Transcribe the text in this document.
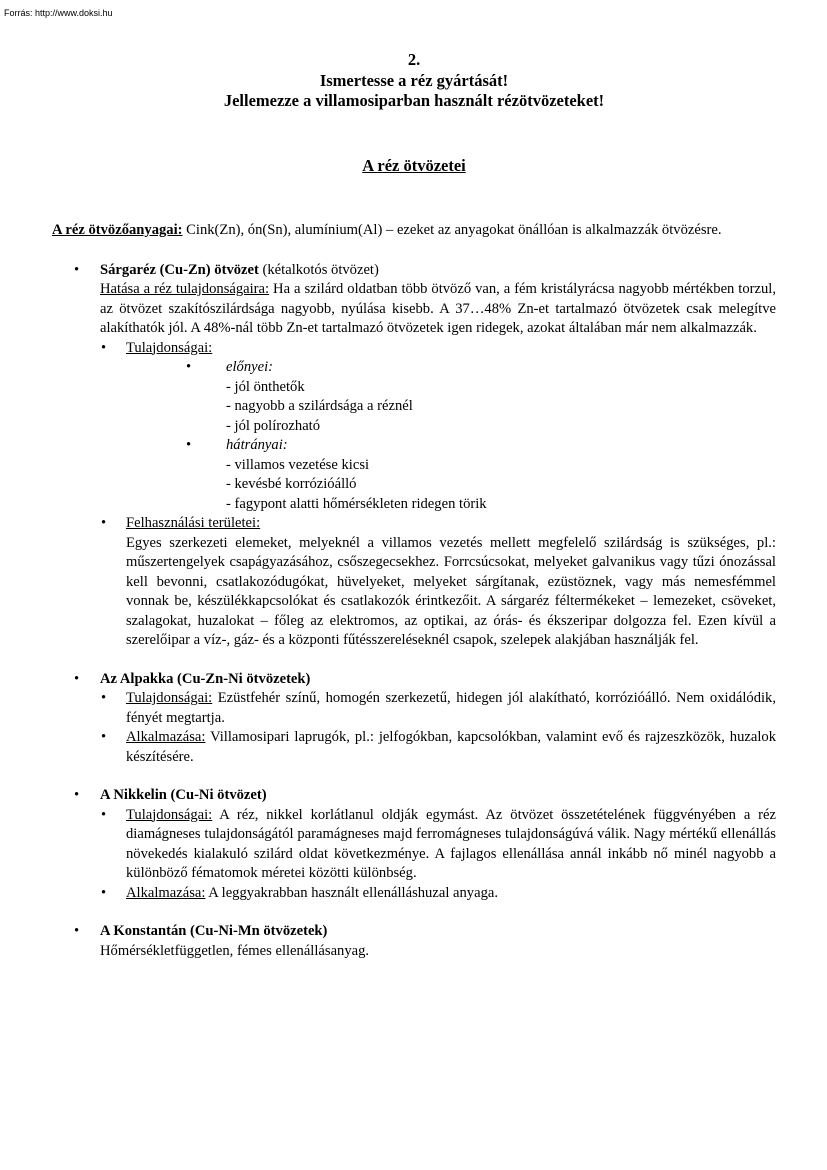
Forrás: http://www.doksi.hu
2.
Ismertesse a réz gyártását!
Jellemezze a villamosiparban használt rézötvözeteket!
A réz ötvözetei
A réz ötvözőanyagai: Cink(Zn), ón(Sn), alumínium(Al) – ezeket az anyagokat önállóan is alkalmazzák ötvözésre.
• Sárgaréz (Cu-Zn) ötvözet (kétalkotós ötvözet)
Hatása a réz tulajdonságaira: Ha a szilárd oldatban több ötvöző van, a fém kristályrácsa nagyobb mértékben torzul, az ötvözet szakítószilárdsága nagyobb, nyúlása kisebb. A 37…48% Zn-et tartalmazó ötvözetek csak melegítve alakíthatók jól. A 48%-nál több Zn-et tartalmazó ötvözetek igen ridegek, azokat általában már nem alkalmazzák.
• Tulajdonságai:
• előnyei:
- jól önthetők
- nagyobb a szilárdsága a réznél
- jól polírozható
• hátrányai:
- villamos vezetése kicsi
- kevésbé korrózióálló
- fagypont alatti hőmérsékleten ridegen törik
• Felhasználási területei:
Egyes szerkezeti elemeket, melyeknél a villamos vezetés mellett megfelelő szilárdság is szükséges, pl.: műszertengelyek csapágyazásához, csőszegecsekhez. Forrcsúcsokat, melyeket galvanikus vagy tűzi ónozással kell bevonni, csatlakozódugókat, hüvelyeket, melyeket sárgítanak, ezüstöznek, vagy más nemesfémmel vonnak be, készülékkapcsolókat és csatlakozók érintkezőit. A sárgaréz féltermékeket – lemezeket, csöveket, szalagokat, huzalokat – főleg az elektromos, az optikai, az órás- és ékszeripar dolgozza fel. Ezen kívül a szerelőipar a víz-, gáz- és a központi fűtésszereléseknél csapok, szelepek alakjában használják fel.
• Az Alpakka (Cu-Zn-Ni ötvözetek)
• Tulajdonságai: Ezüstfehér színű, homogén szerkezetű, hidegen jól alakítható, korrózióálló. Nem oxidálódik, fényét megtartja.
• Alkalmazása: Villamosipari laprugók, pl.: jelfogókban, kapcsolókban, valamint evő és rajzeszközök, huzalok készítésére.
• A Nikkelin (Cu-Ni ötvözet)
• Tulajdonságai: A réz, nikkel korlátlanul oldják egymást. Az ötvözet összetételének függvényében a réz diamágneses tulajdonságától paramágneses majd ferromágneses tulajdonságúvá válik. Nagy mértékű ellenállás növekedés kialakuló szilárd oldat következménye. A fajlagos ellenállása annál inkább nő minél nagyobb a különböző fématomok méretei közötti különbség.
• Alkalmazása: A leggyakrabban használt ellenálláshuzal anyaga.
• A Konstantán (Cu-Ni-Mn ötvözetek)
Hőmérsékletfüggetlen, fémes ellenállásanyag.
